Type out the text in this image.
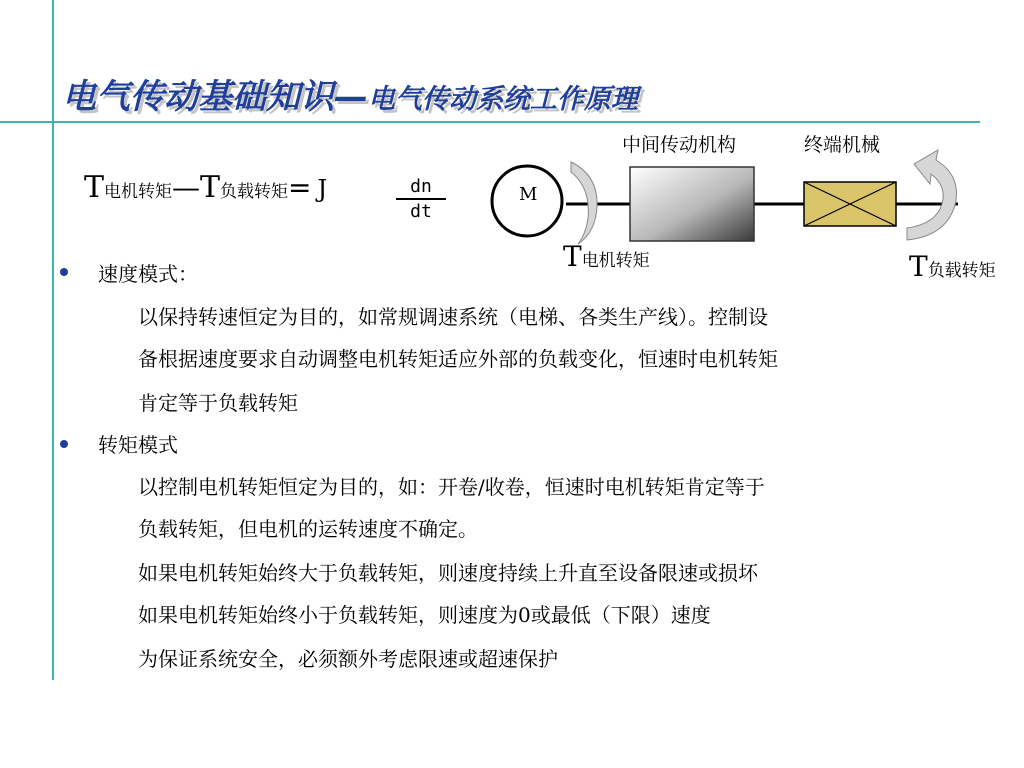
电气传动基础知识—电气传动系统工作原理
T电机转矩—T负载转矩= J	dn
dt
M
中间传动机构	终端机械
T电机转矩	T负载转矩
速度模式：
以保持转速恒定为目的，如常规调速系统（电梯、各类生产线）。控制设
备根据速度要求自动调整电机转矩适应外部的负载变化，恒速时电机转矩
肯定等于负载转矩
转矩模式
以控制电机转矩恒定为目的，如：开卷/收卷，恒速时电机转矩肯定等于
负载转矩，但电机的运转速度不确定。
如果电机转矩始终大于负载转矩，则速度持续上升直至设备限速或损坏
如果电机转矩始终小于负载转矩，则速度为0或最低（下限）速度
为保证系统安全，必须额外考虑限速或超速保护
